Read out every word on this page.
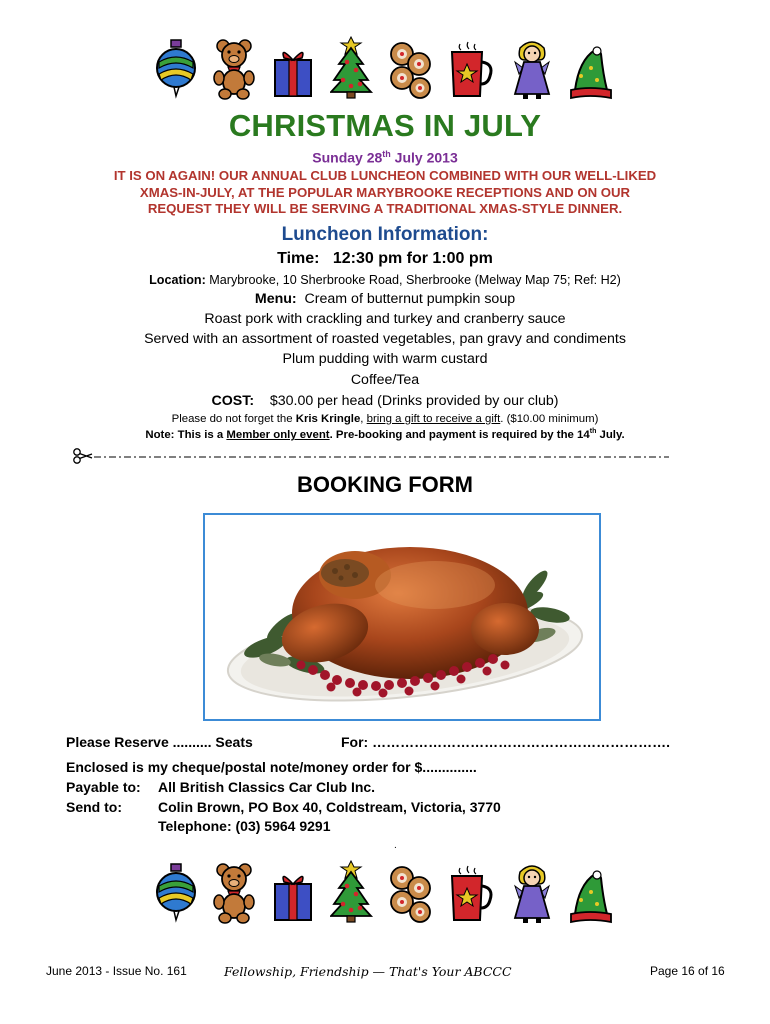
CHRISTMAS IN JULY
Sunday 28th July 2013
IT IS ON AGAIN! OUR ANNUAL CLUB LUNCHEON COMBINED WITH OUR WELL-LIKED
XMAS-IN-JULY, AT THE POPULAR MARYBROOKE RECEPTIONS AND ON OUR
REQUEST THEY WILL BE SERVING A TRADITIONAL XMAS-STYLE DINNER.
Luncheon Information:
Time: 12:30 pm for 1:00 pm
Location: Marybrooke, 10 Sherbrooke Road, Sherbrooke (Melway Map 75; Ref: H2)
Menu: Cream of butternut pumpkin soup
Roast pork with crackling and turkey and cranberry sauce
Served with an assortment of roasted vegetables, pan gravy and condiments
Plum pudding with warm custard
Coffee/Tea
COST: $30.00 per head (Drinks provided by our club)
Please do not forget the Kris Kringle, bring a gift to receive a gift. ($10.00 minimum)
Note: This is a Member only event. Pre-booking and payment is required by the 14th July.
BOOKING FORM
Please Reserve .......... Seats	For: ……………………………………………………….
Enclosed is my cheque/postal note/money order for $..............
Payable to: All British Classics Car Club Inc.
Send to:	Colin Brown, PO Box 40, Coldstream, Victoria, 3770
Telephone: (03) 5964 9291
.
June 2013 - Issue No. 161	Fellowship, Friendship — That's Your ABCCC	Page 16 of 16
